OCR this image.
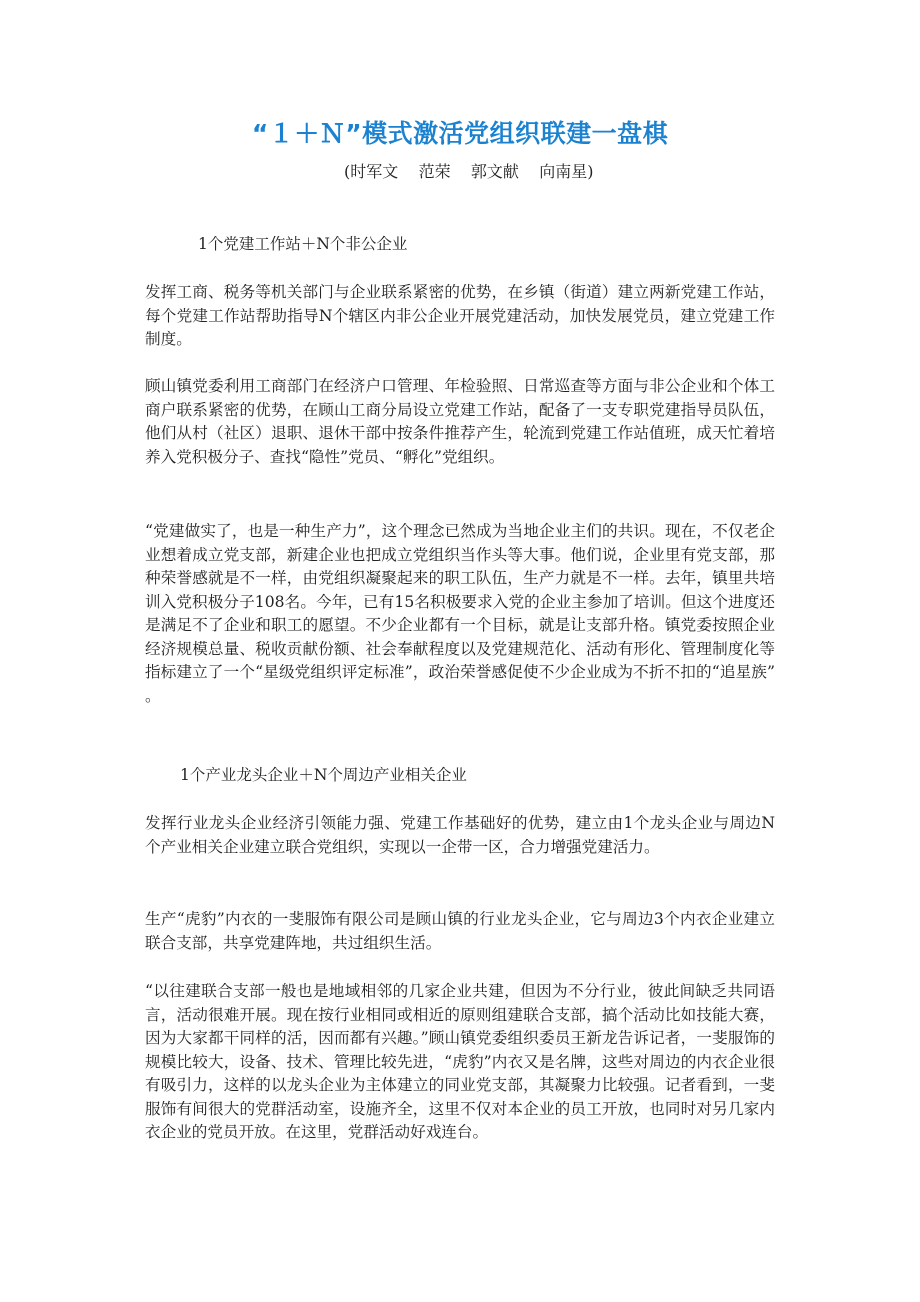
“１＋Ｎ”模式激活党组织联建一盘棋
(时军文    范荣    郭文献    向南星)
1个党建工作站＋N个非公企业

发挥工商、税务等机关部门与企业联系紧密的优势，在乡镇（街道）建立两新党建工作站，每个党建工作站帮助指导N个辖区内非公企业开展党建活动，加快发展党员，建立党建工作制度。

顾山镇党委利用工商部门在经济户口管理、年检验照、日常巡查等方面与非公企业和个体工商户联系紧密的优势，在顾山工商分局设立党建工作站，配备了一支专职党建指导员队伍，他们从村（社区）退职、退休干部中按条件推荐产生，轮流到党建工作站值班，成天忙着培养入党积极分子、查找“隐性”党员、“孵化”党组织。

“党建做实了，也是一种生产力”，这个理念已然成为当地企业主们的共识。现在，不仅老企业想着成立党支部，新建企业也把成立党组织当作头等大事。他们说，企业里有党支部，那种荣誉感就是不一样，由党组织凝聚起来的职工队伍，生产力就是不一样。去年，镇里共培训入党积极分子108名。今年，已有15名积极要求入党的企业主参加了培训。但这个进度还是满足不了企业和职工的愿望。不少企业都有一个目标，就是让支部升格。镇党委按照企业经济规模总量、税收贡献份额、社会奉献程度以及党建规范化、活动有形化、管理制度化等指标建立了一个“星级党组织评定标准”，政治荣誉感促使不少企业成为不折不扣的“追星族”。

1个产业龙头企业＋N个周边产业相关企业

发挥行业龙头企业经济引领能力强、党建工作基础好的优势，建立由1个龙头企业与周边N个产业相关企业建立联合党组织，实现以一企带一区，合力增强党建活力。

生产“虎豹”内衣的一斐服饰有限公司是顾山镇的行业龙头企业，它与周边3个内衣企业建立联合支部，共享党建阵地，共过组织生活。

“以往建联合支部一般也是地域相邻的几家企业共建，但因为不分行业，彼此间缺乏共同语言，活动很难开展。现在按行业相同或相近的原则组建联合支部，搞个活动比如技能大赛，因为大家都干同样的活，因而都有兴趣。”顾山镇党委组织委员王新龙告诉记者，一斐服饰的规模比较大，设备、技术、管理比较先进，“虎豹”内衣又是名牌，这些对周边的内衣企业很有吸引力，这样的以龙头企业为主体建立的同业党支部，其凝聚力比较强。记者看到，一斐服饰有间很大的党群活动室，设施齐全，这里不仅对本企业的员工开放，也同时对另几家内衣企业的党员开放。在这里，党群活动好戏连台。
